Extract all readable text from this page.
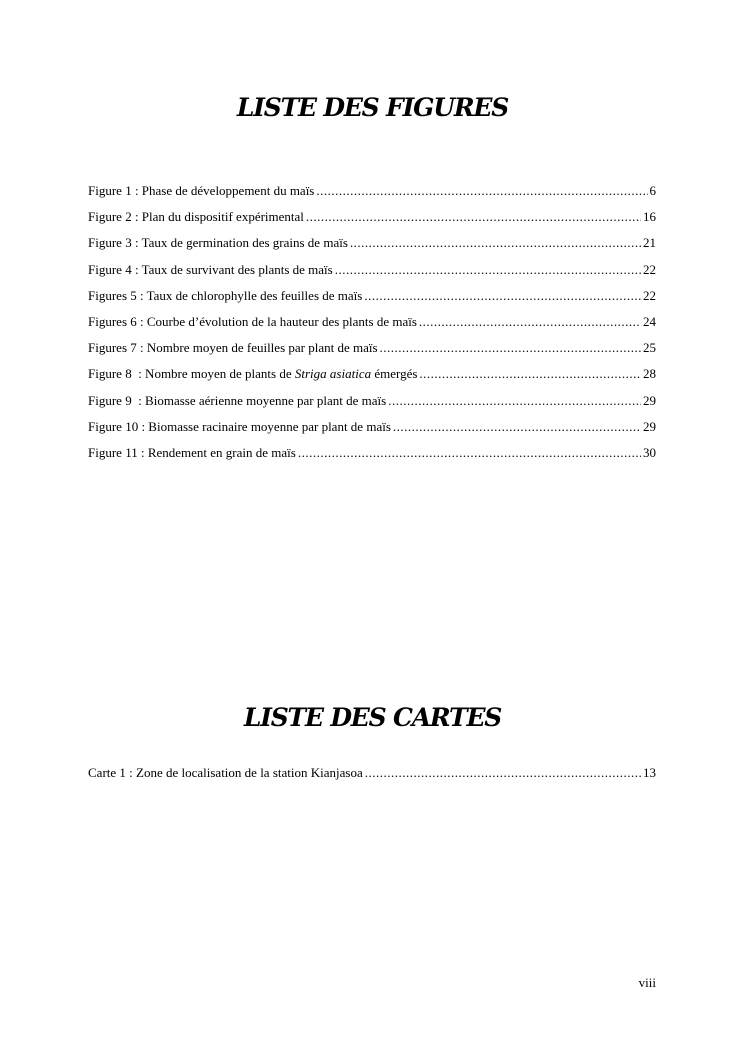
LISTE DES FIGURES
Figure 1 : Phase de développement du maïs .....	6
Figure 2 : Plan du dispositif expérimental .....	16
Figure 3 : Taux de germination des grains de maïs .....	21
Figure 4 : Taux de survivant des plants de maïs .....	22
Figures 5 : Taux de chlorophylle des feuilles de maïs .....	22
Figures 6 : Courbe d’évolution de la hauteur des plants de maïs .....	24
Figures 7 : Nombre moyen de feuilles par plant de maïs .....	25
Figure 8  : Nombre moyen de plants de Striga asiatica émergés .....	28
Figure 9  : Biomasse aérienne moyenne par plant de maïs .....	29
Figure 10 : Biomasse racinaire moyenne par plant de maïs .....	29
Figure 11 : Rendement en grain de maïs .....	30
LISTE DES CARTES
Carte 1 : Zone de localisation de la station Kianjasoa .....	13
viii
